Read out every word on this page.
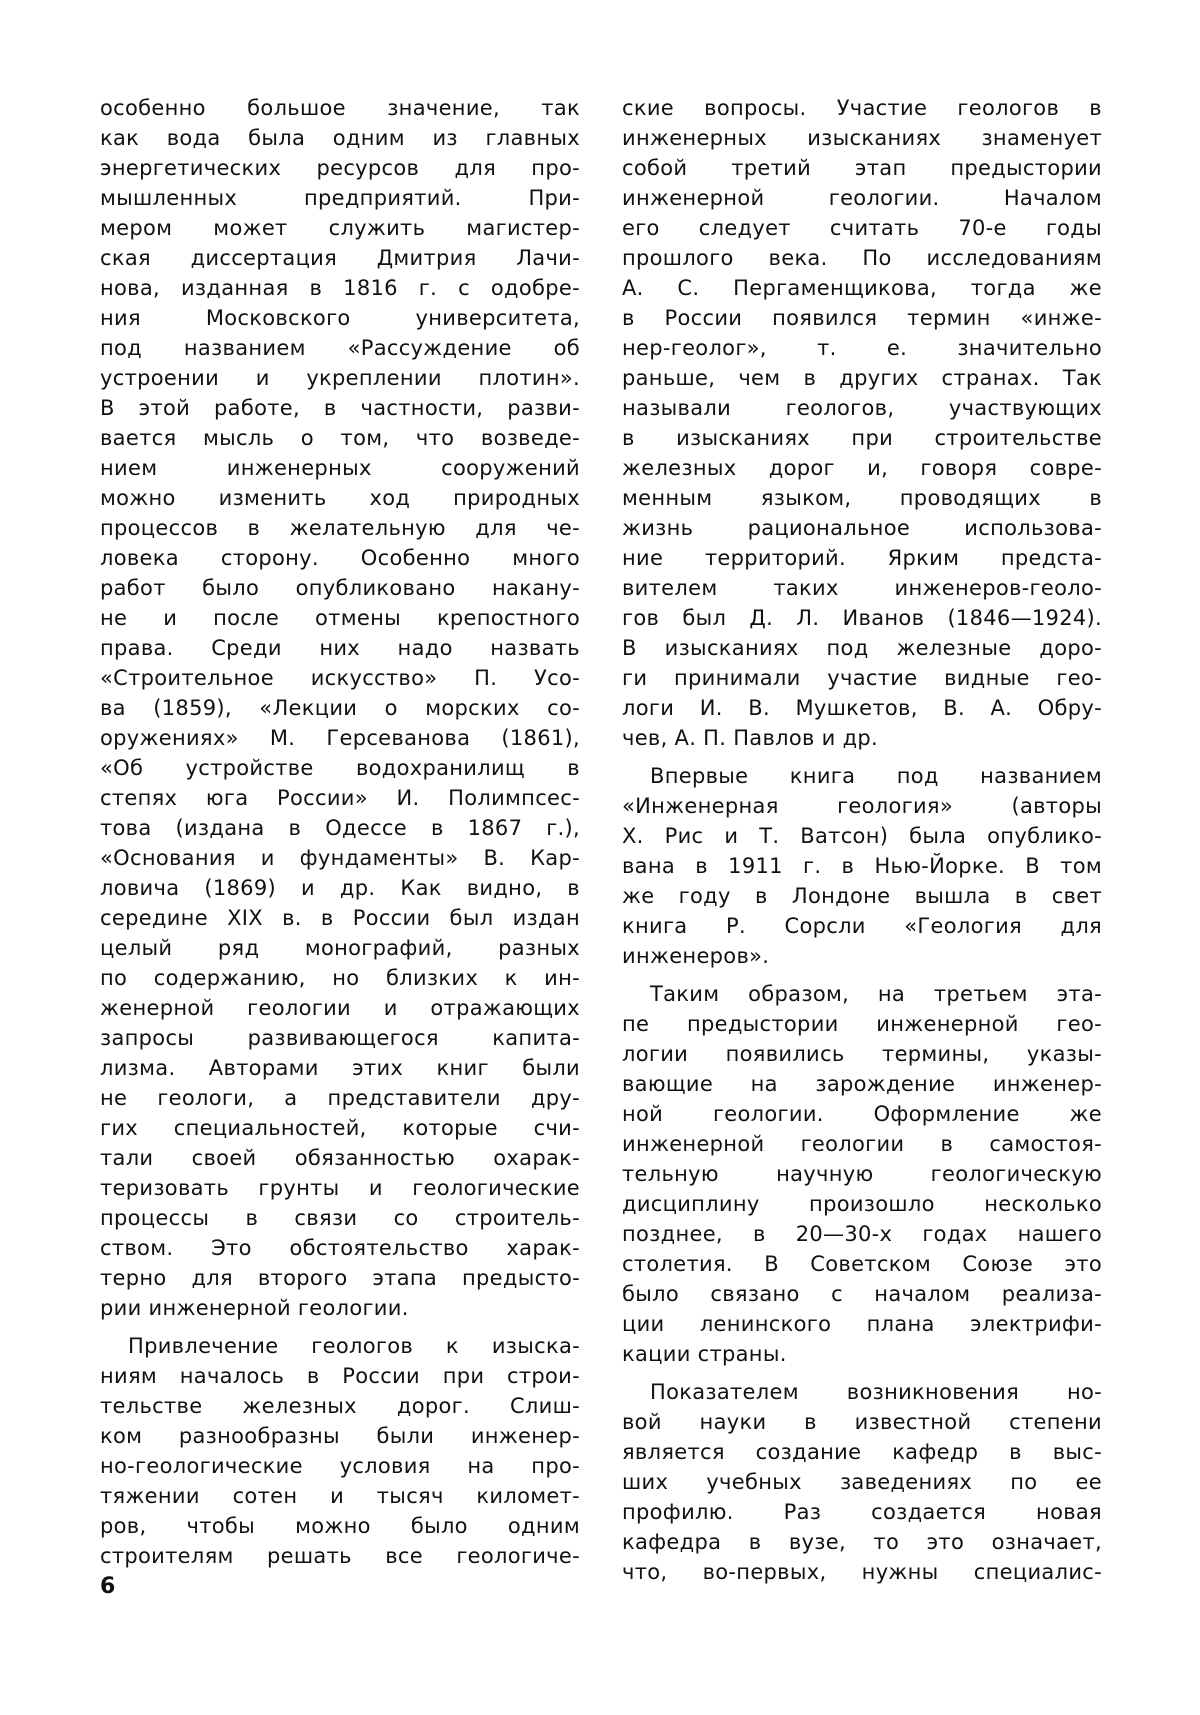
особенно большое значение, так
как вода была одним из главных
энергетических ресурсов для про-
мышленных предприятий. При-
мером может служить магистер-
ская диссертация Дмитрия Лачи-
нова, изданная в 1816 г. с одобре-
ния Московского университета,
под названием «Рассуждение об
устроении и укреплении плотин».
В этой работе, в частности, разви-
вается мысль о том, что возведе-
нием инженерных сооружений
можно изменить ход природных
процессов в желательную для че-
ловека сторону. Особенно много
работ было опубликовано накану-
не и после отмены крепостного
права. Среди них надо назвать
«Строительное искусство» П. Усо-
ва (1859), «Лекции о морских со-
оружениях» М. Герсеванова (1861),
«Об устройстве водохранилищ в
степях юга России» И. Полимпсес-
това (издана в Одессе в 1867 г.),
«Основания и фундаменты» В. Кар-
ловича (1869) и др. Как видно, в
середине XIX в. в России был издан
целый ряд монографий, разных
по содержанию, но близких к ин-
женерной геологии и отражающих
запросы развивающегося капита-
лизма. Авторами этих книг были
не геологи, а представители дру-
гих специальностей, которые счи-
тали своей обязанностью охарак-
теризовать грунты и геологические
процессы в связи со строитель-
ством. Это обстоятельство харак-
терно для второго этапа предысто-
рии инженерной геологии.
Привлечение геологов к изыска-
ниям началось в России при строи-
тельстве железных дорог. Слиш-
ком разнообразны были инженер-
но-геологические условия на про-
тяжении сотен и тысяч километ-
ров, чтобы можно было одним
строителям решать все геологиче-
ские вопросы. Участие геологов в
инженерных изысканиях знаменует
собой третий этап предыстории
инженерной геологии. Началом
его следует считать 70-е годы
прошлого века. По исследованиям
А. С. Пергаменщикова, тогда же
в России появился термин «инже-
нер-геолог», т. е. значительно
раньше, чем в других странах. Так
называли геологов, участвующих
в изысканиях при строительстве
железных дорог и, говоря совре-
менным языком, проводящих в
жизнь рациональное использова-
ние территорий. Ярким предста-
вителем таких инженеров-геоло-
гов был Д. Л. Иванов (1846—1924).
В изысканиях под железные доро-
ги принимали участие видные гео-
логи И. В. Мушкетов, В. А. Обру-
чев, А. П. Павлов и др.
Впервые книга под названием
«Инженерная геология» (авторы
Х. Рис и Т. Ватсон) была опублико-
вана в 1911 г. в Нью-Йорке. В том
же году в Лондоне вышла в свет
книга Р. Сорсли «Геология для
инженеров».
Таким образом, на третьем эта-
пе предыстории инженерной гео-
логии появились термины, указы-
вающие на зарождение инженер-
ной геологии. Оформление же
инженерной геологии в самостоя-
тельную научную геологическую
дисциплину произошло несколько
позднее, в 20—30-х годах нашего
столетия. В Советском Союзе это
было связано с началом реализа-
ции ленинского плана электрифи-
кации страны.
Показателем возникновения но-
вой науки в известной степени
является создание кафедр в выс-
ших учебных заведениях по ее
профилю. Раз создается новая
кафедра в вузе, то это означает,
что, во-первых, нужны специалис-
6
